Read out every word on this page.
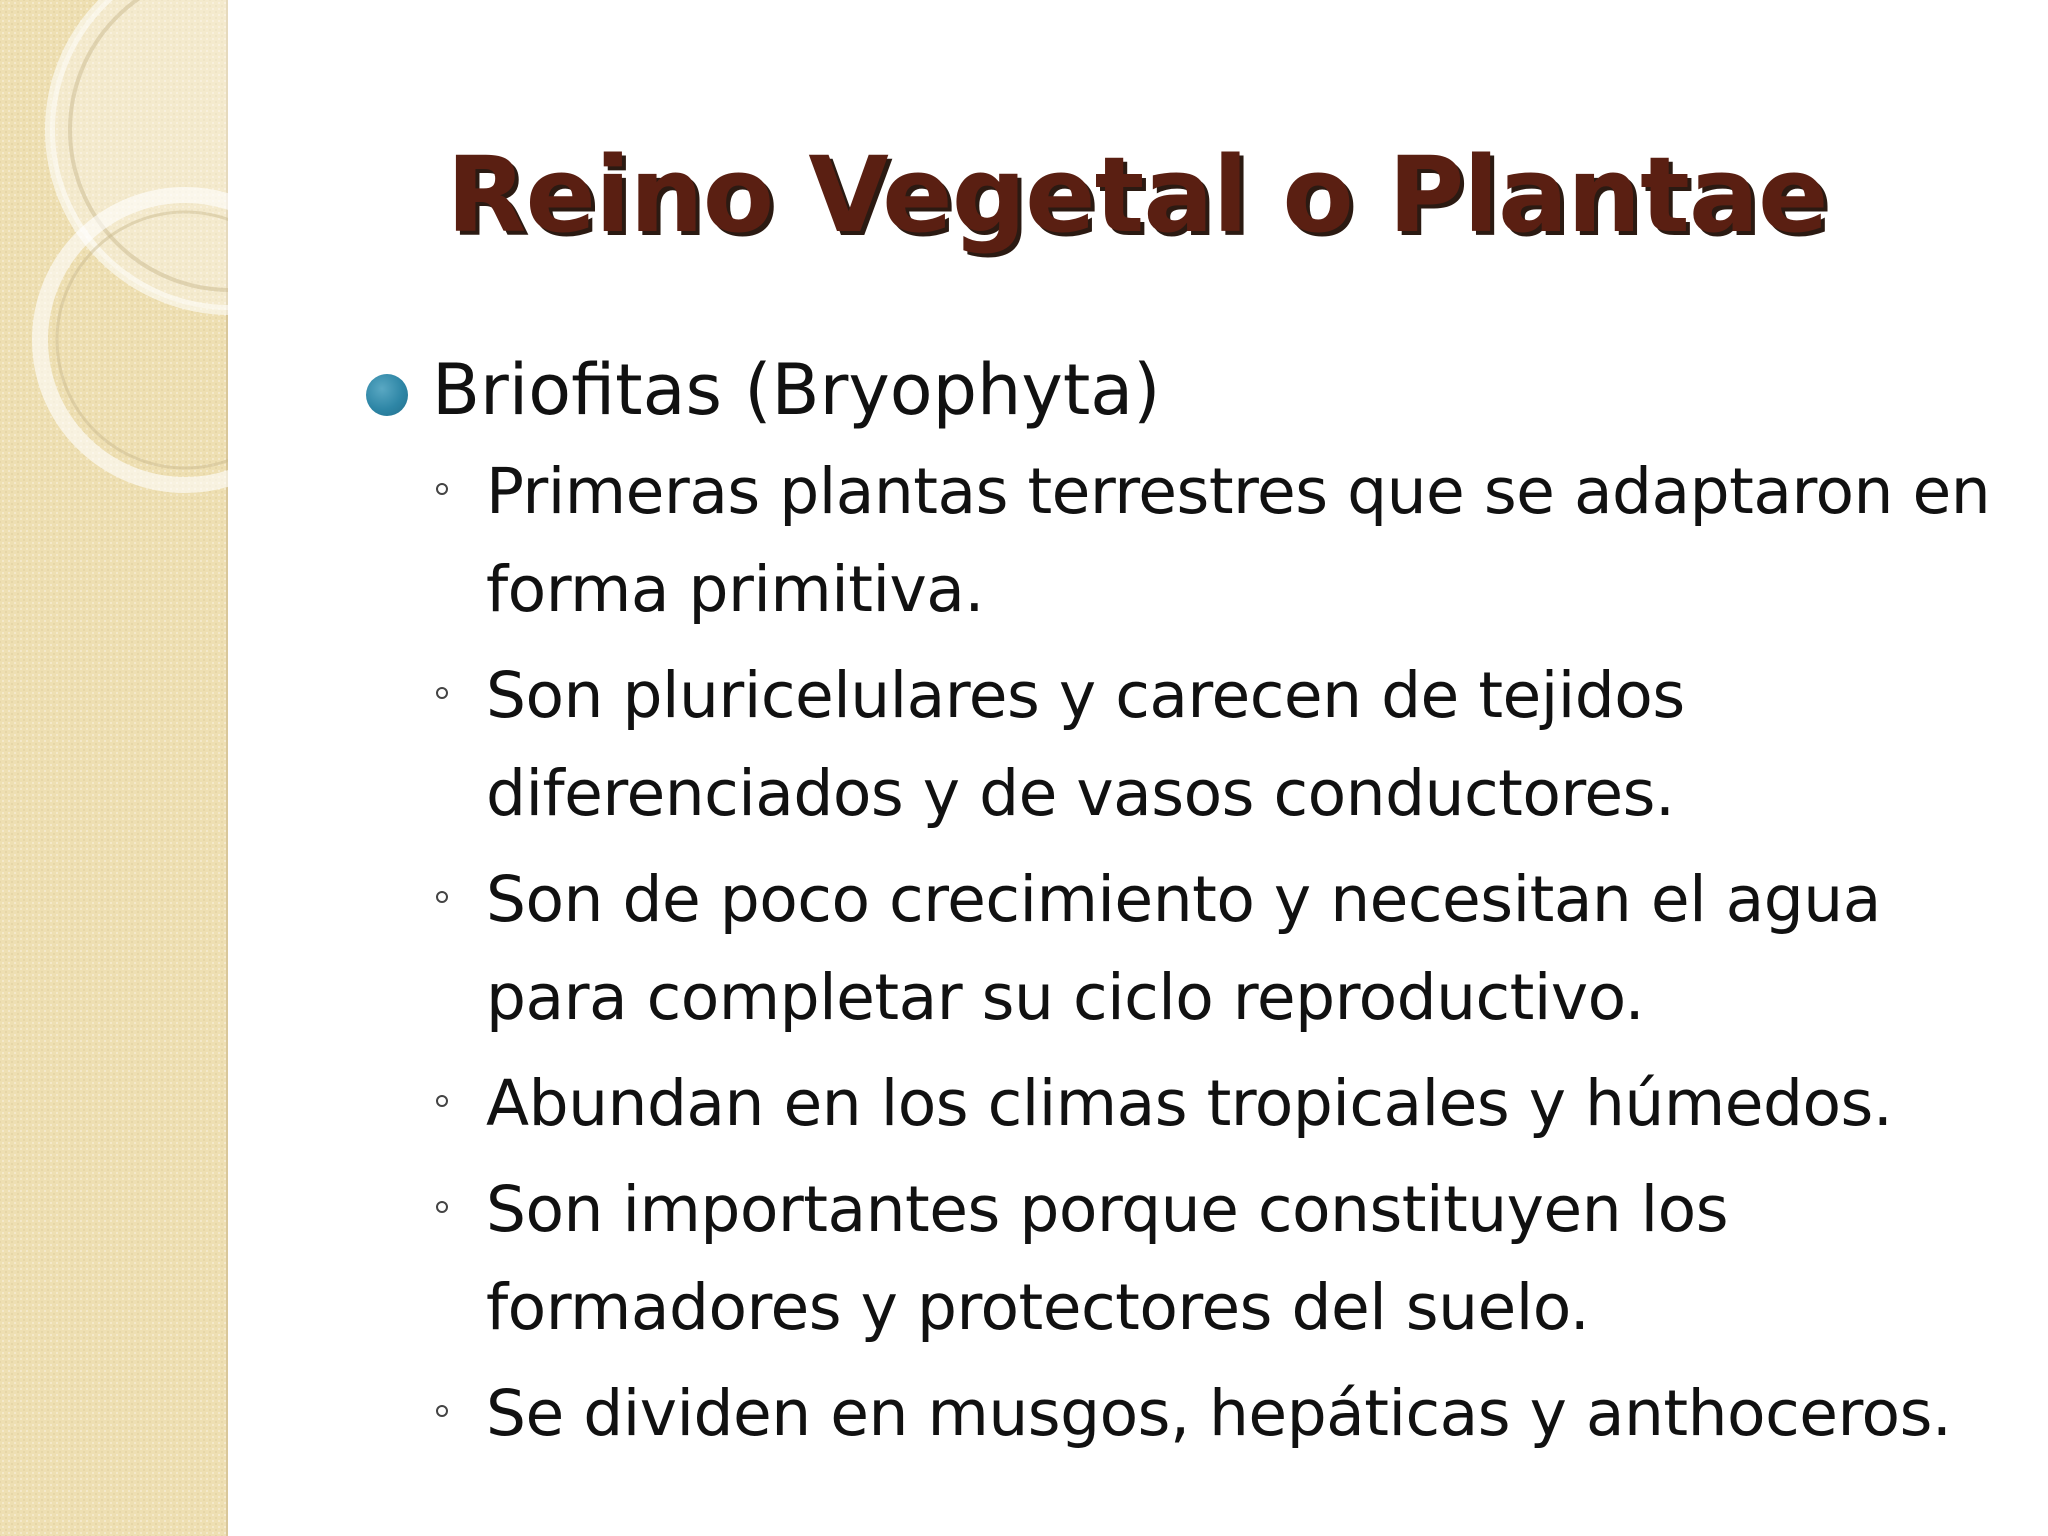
Reino Vegetal o Plantae
Briofitas (Bryophyta)
Primeras plantas terrestres que se adaptaron en forma primitiva.
Son pluricelulares y carecen de tejidos diferenciados y de vasos conductores.
Son de poco crecimiento y necesitan el agua para completar su ciclo reproductivo.
Abundan en los climas tropicales y húmedos.
Son importantes porque constituyen los formadores y protectores del suelo.
Se dividen en musgos, hepáticas y anthoceros.
